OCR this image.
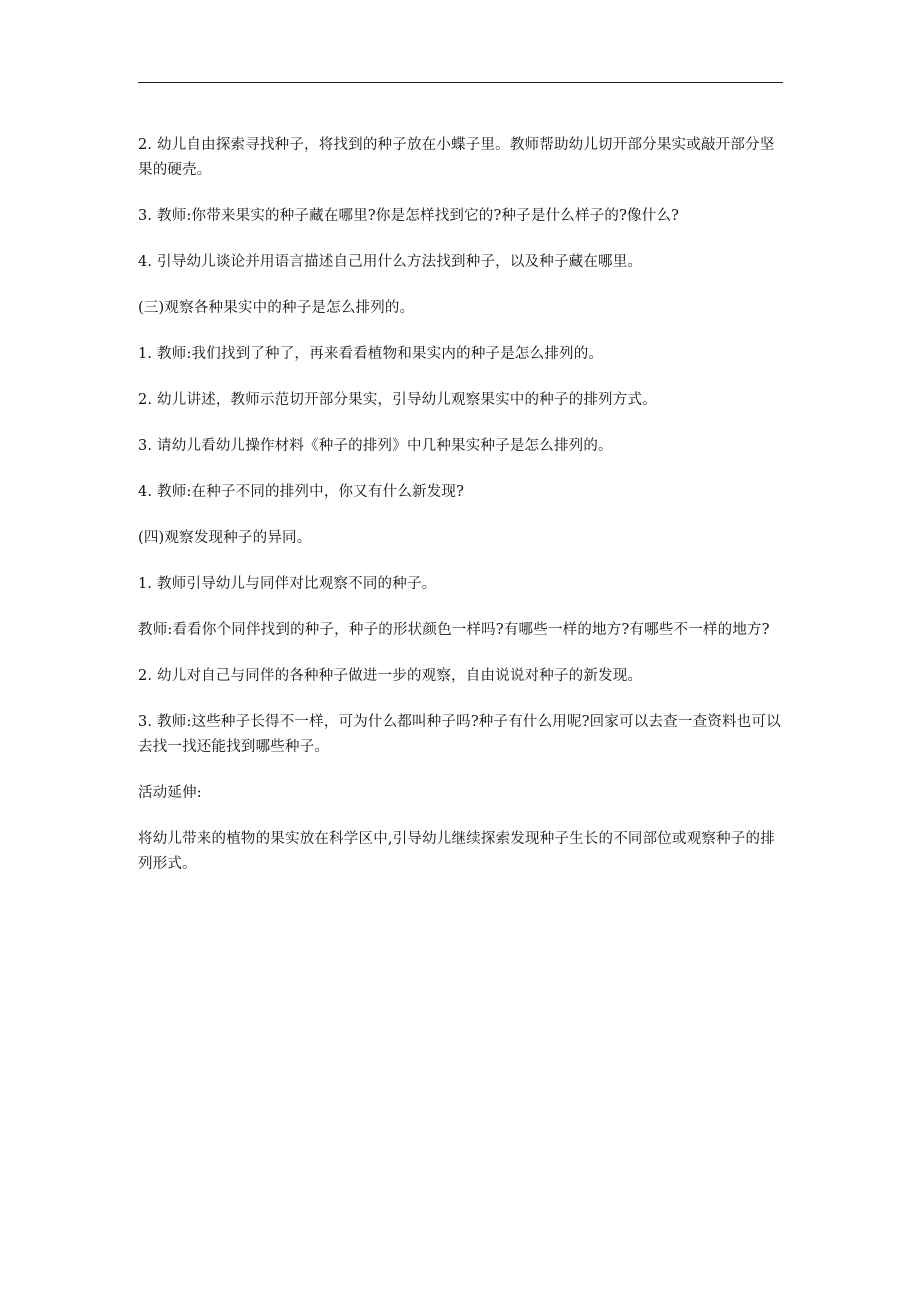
2. 幼儿自由探索寻找种子，将找到的种子放在小蝶子里。教师帮助幼儿切开部分果实或敲开部分坚果的硬壳。

3. 教师:你带来果实的种子藏在哪里?你是怎样找到它的?种子是什么样子的?像什么?

4. 引导幼儿谈论并用语言描述自己用什么方法找到种子，以及种子藏在哪里。

(三)观察各种果实中的种子是怎么排列的。

1. 教师:我们找到了种了，再来看看植物和果实内的种子是怎么排列的。

2. 幼儿讲述，教师示范切开部分果实，引导幼儿观察果实中的种子的排列方式。

3. 请幼儿看幼儿操作材料《种子的排列》中几种果实种子是怎么排列的。

4. 教师:在种子不同的排列中，你又有什么新发现?

(四)观察发现种子的异同。

1. 教师引导幼儿与同伴对比观察不同的种子。

教师:看看你个同伴找到的种子，种子的形状颜色一样吗?有哪些一样的地方?有哪些不一样的地方?

2. 幼儿对自己与同伴的各种种子做进一步的观察，自由说说对种子的新发现。

3. 教师:这些种子长得不一样，可为什么都叫种子吗?种子有什么用呢?回家可以去查一查资料也可以去找一找还能找到哪些种子。

活动延伸:

将幼儿带来的植物的果实放在科学区中,引导幼儿继续探索发现种子生长的不同部位或观察种子的排列形式。
